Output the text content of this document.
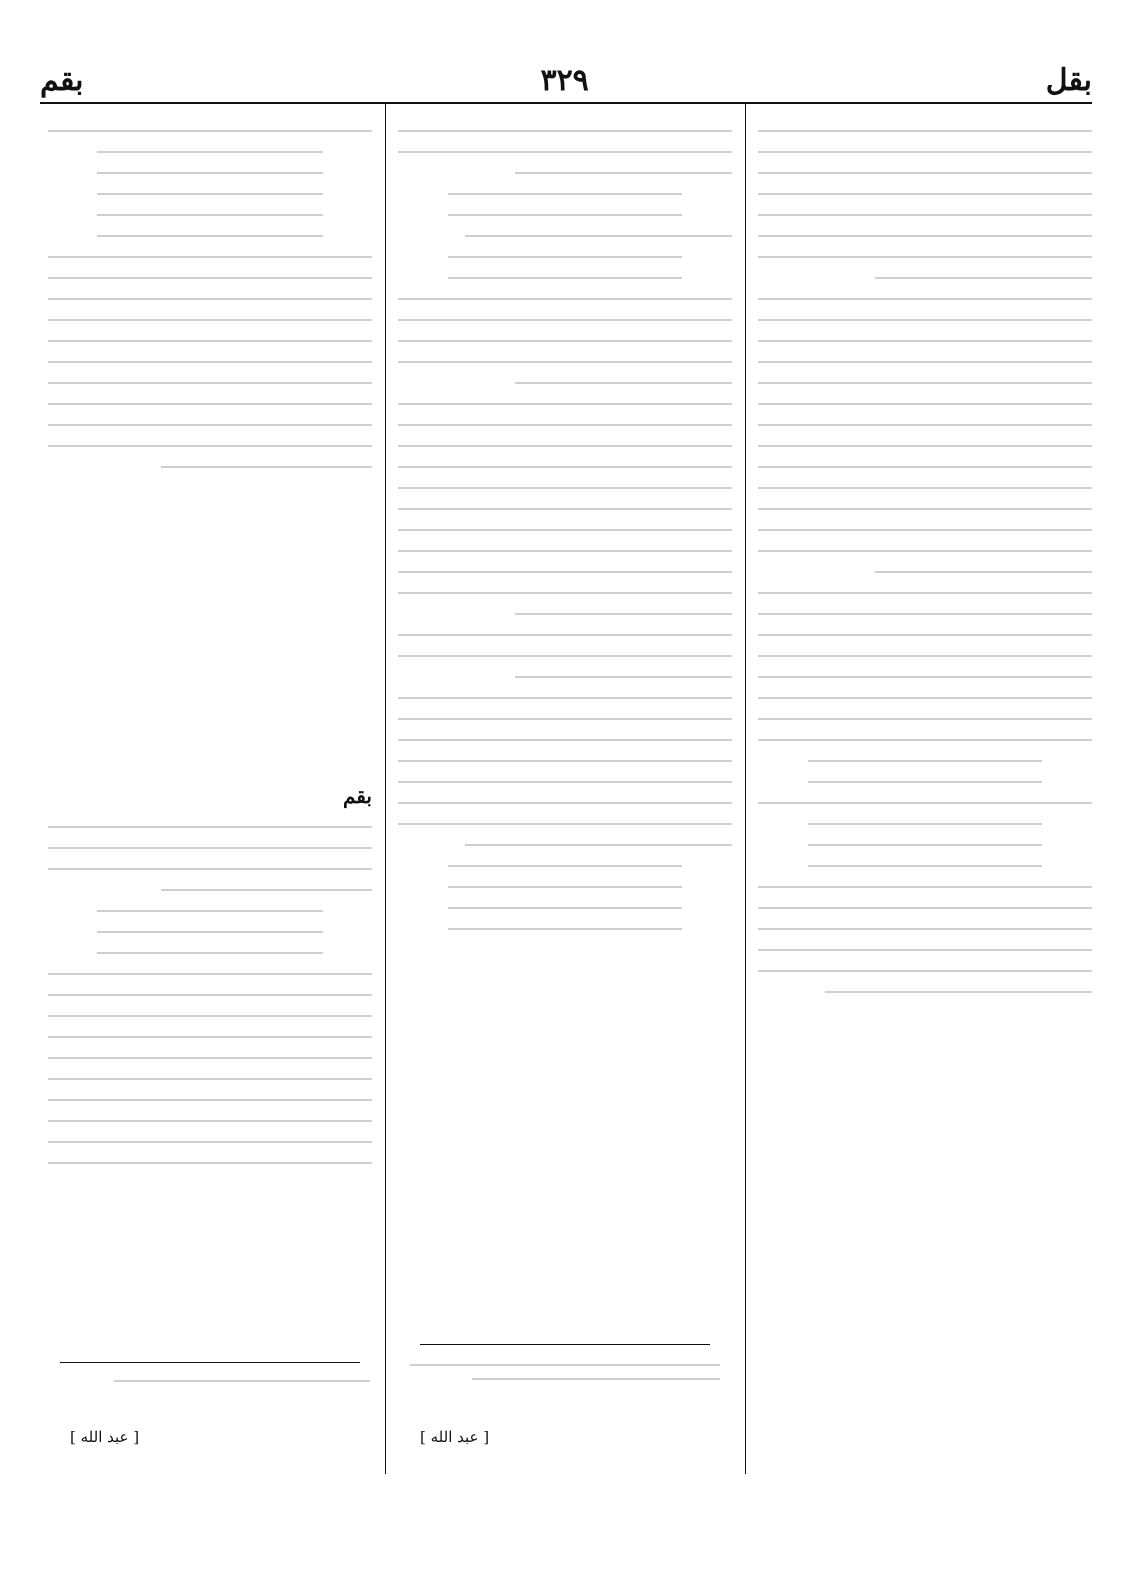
بقل
٣٢٩
بقم
[ عبد الله ]
بقم
[ عبد الله ]
